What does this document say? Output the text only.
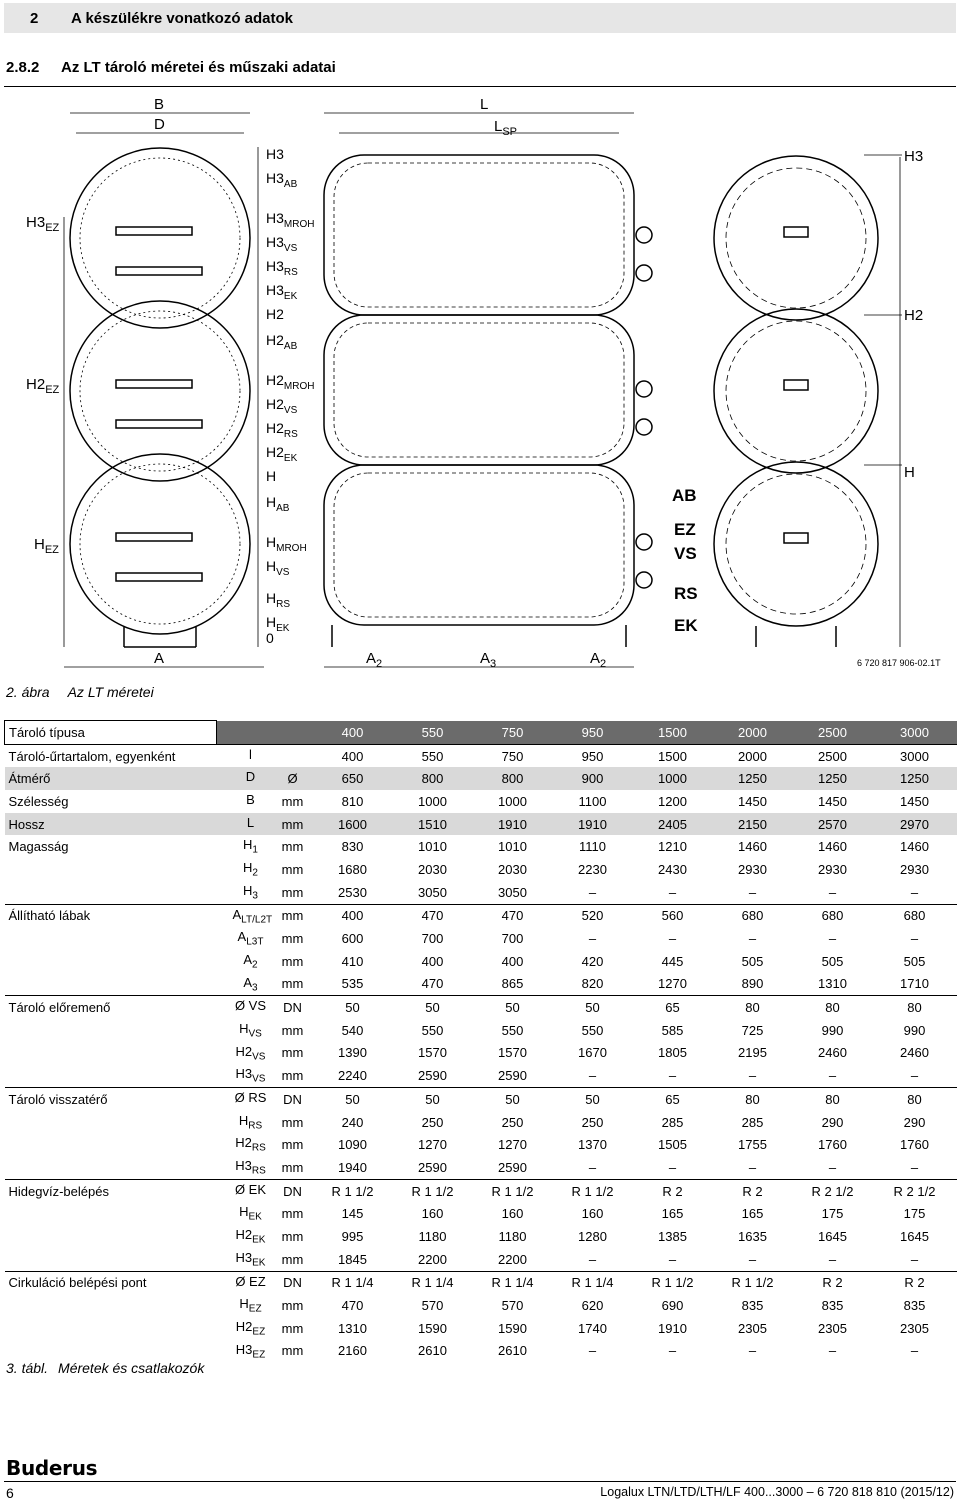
2 A készülékre vonatkozó adatok
2.8.2 Az LT tároló méretei és műszaki adatai
B
D
L
$L_{SP}$
A	$A_2$	$A_3$	$A_2$
$H3_{EZ}$
$H2_{EZ}$
$H_{EZ}$
H3
H2
H
AB
EZ
VS
RS
EK
H3
$H3_{AB}$
$H3_{MROH}$
$H3_{VS}$
$H3_{RS}$
$H3_{EK}$
H2
$H2_{AB}$
$H2_{MROH}$
$H2_{VS}$
$H2_{RS}$
$H2_{EK}$
H
$H_{AB}$
$H_{MROH}$
$H_{VS}$
$H_{RS}$
$H_{EK}$
0
6 720 817 906-02.1T
2. ábra Az LT méretei
Tároló típusa			400	550	750	950	1500	2000	2500	3000
Tároló-űrtartalom, egyenként	l		400	550	750	950	1500	2000	2500	3000
Átmérő	D	Ø	650	800	800	900	1000	1250	1250	1250
Szélesség	B	mm	810	1000	1000	1100	1200	1450	1450	1450
Hossz	L	mm	1600	1510	1910	1910	2405	2150	2570	2970
Magasság	$H_1$	mm	830	1010	1010	1110	1210	1460	1460	1460
	$H_2$	mm	1680	2030	2030	2230	2430	2930	2930	2930
	$H_3$	mm	2530	3050	3050	–	–	–	–	–
Állítható lábak	$A_{LT/L2T}$	mm	400	470	470	520	560	680	680	680
	$A_{L3T}$	mm	600	700	700	–	–	–	–	–
	$A_2$	mm	410	400	400	420	445	505	505	505
	$A_3$	mm	535	470	865	820	1270	890	1310	1710
Tároló előremenő	Ø VS	DN	50	50	50	50	65	80	80	80
	$H_{VS}$	mm	540	550	550	550	585	725	990	990
	$H2_{VS}$	mm	1390	1570	1570	1670	1805	2195	2460	2460
	$H3_{VS}$	mm	2240	2590	2590	–	–	–	–	–
Tároló visszatérő	Ø RS	DN	50	50	50	50	65	80	80	80
	$H_{RS}$	mm	240	250	250	250	285	285	290	290
	$H2_{RS}$	mm	1090	1270	1270	1370	1505	1755	1760	1760
	$H3_{RS}$	mm	1940	2590	2590	–	–	–	–	–
Hidegvíz-belépés	Ø EK	DN	R 1 1/2	R 1 1/2	R 1 1/2	R 1 1/2	R 2	R 2	R 2 1/2	R 2 1/2
	$H_{EK}$	mm	145	160	160	160	165	165	175	175
	$H2_{EK}$	mm	995	1180	1180	1280	1385	1635	1645	1645
	$H3_{EK}$	mm	1845	2200	2200	–	–	–	–	–
Cirkuláció belépési pont	Ø EZ	DN	R 1 1/4	R 1 1/4	R 1 1/4	R 1 1/4	R 1 1/2	R 1 1/2	R 2	R 2
	$H_{EZ}$	mm	470	570	570	620	690	835	835	835
	$H2_{EZ}$	mm	1310	1590	1590	1740	1910	2305	2305	2305
	$H3_{EZ}$	mm	2160	2610	2610	–	–	–	–	–
3. tábl. Méretek és csatlakozók
Buderus
6	Logalux LTN/LTD/LTH/LF 400...3000 – 6 720 818 810 (2015/12)
